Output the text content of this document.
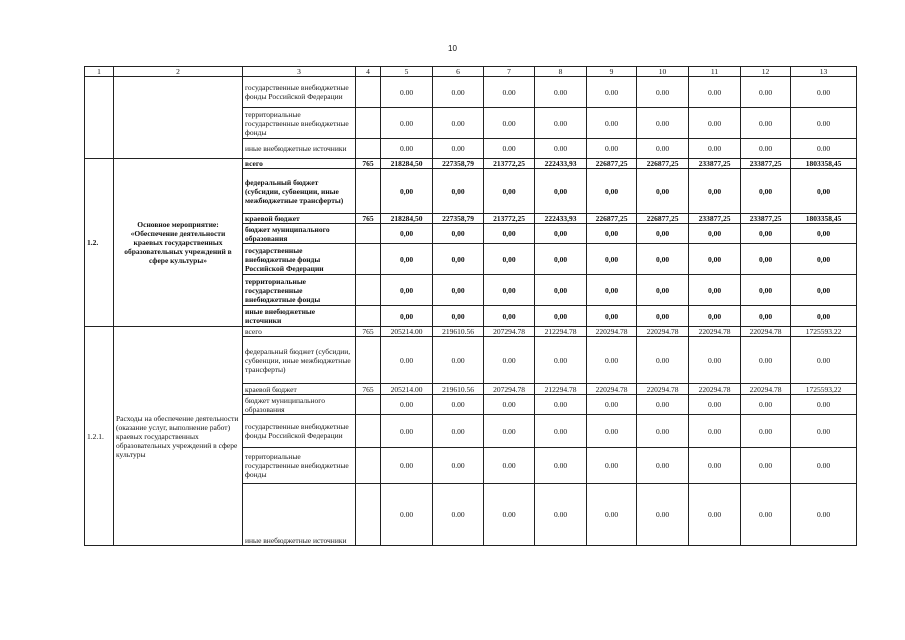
10
1	2	3	4	5	6	7	8	9	10	11	12	13
		государственные внебюджетные фонды Российской Федерации		0.00	0.00	0.00	0.00	0.00	0.00	0.00	0.00	0.00
		территориальные государственные внебюджетные фонды		0.00	0.00	0.00	0.00	0.00	0.00	0.00	0.00	0.00
		иные внебюджетные источники		0.00	0.00	0.00	0.00	0.00	0.00	0.00	0.00	0.00
1.2.	Основное мероприятие: «Обеспечение деятельности краевых государственных образовательных учреждений в сфере культуры»	всего	765	218284,50	227358,79	213772,25	222433,93	226877,25	226877,25	233877,25	233877,25	1803358,45
		федеральный бюджет (субсидии, субвенции, иные межбюджетные трансферты)		0,00	0,00	0,00	0,00	0,00	0,00	0,00	0,00	0,00
		краевой бюджет	765	218284,50	227358,79	213772,25	222433,93	226877,25	226877,25	233877,25	233877,25	1803358,45
		бюджет муниципального образования		0,00	0,00	0,00	0,00	0,00	0,00	0,00	0,00	0,00
		государственные внебюджетные фонды Российской Федерации		0,00	0,00	0,00	0,00	0,00	0,00	0,00	0,00	0,00
		территориальные государственные внебюджетные фонды		0,00	0,00	0,00	0,00	0,00	0,00	0,00	0,00	0,00
		иные внебюджетные источники		0,00	0,00	0,00	0,00	0,00	0,00	0,00	0,00	0,00
1.2.1.	Расходы на обеспечение деятельности (оказание услуг, выполнение работ) краевых государственных образовательных учреждений в сфере культуры	всего	765	205214.00	219610.56	207294.78	212294.78	220294.78	220294.78	220294.78	220294.78	1725593.22
		федеральный бюджет (субсидии, субвенции, иные межбюджетные трансферты)		0.00	0.00	0.00	0.00	0.00	0.00	0.00	0.00	0.00
		краевой бюджет	765	205214.00	219610.56	207294.78	212294.78	220294.78	220294.78	220294.78	220294.78	1725593,22
		бюджет муниципального образования		0.00	0.00	0.00	0.00	0.00	0.00	0.00	0.00	0.00
		государственные внебюджетные фонды Российской Федерации		0.00	0.00	0.00	0.00	0.00	0.00	0.00	0.00	0.00
		территориальные государственные внебюджетные фонды		0.00	0.00	0.00	0.00	0.00	0.00	0.00	0.00	0.00
		иные внебюджетные источники		0.00	0.00	0.00	0.00	0.00	0.00	0.00	0.00	0.00
